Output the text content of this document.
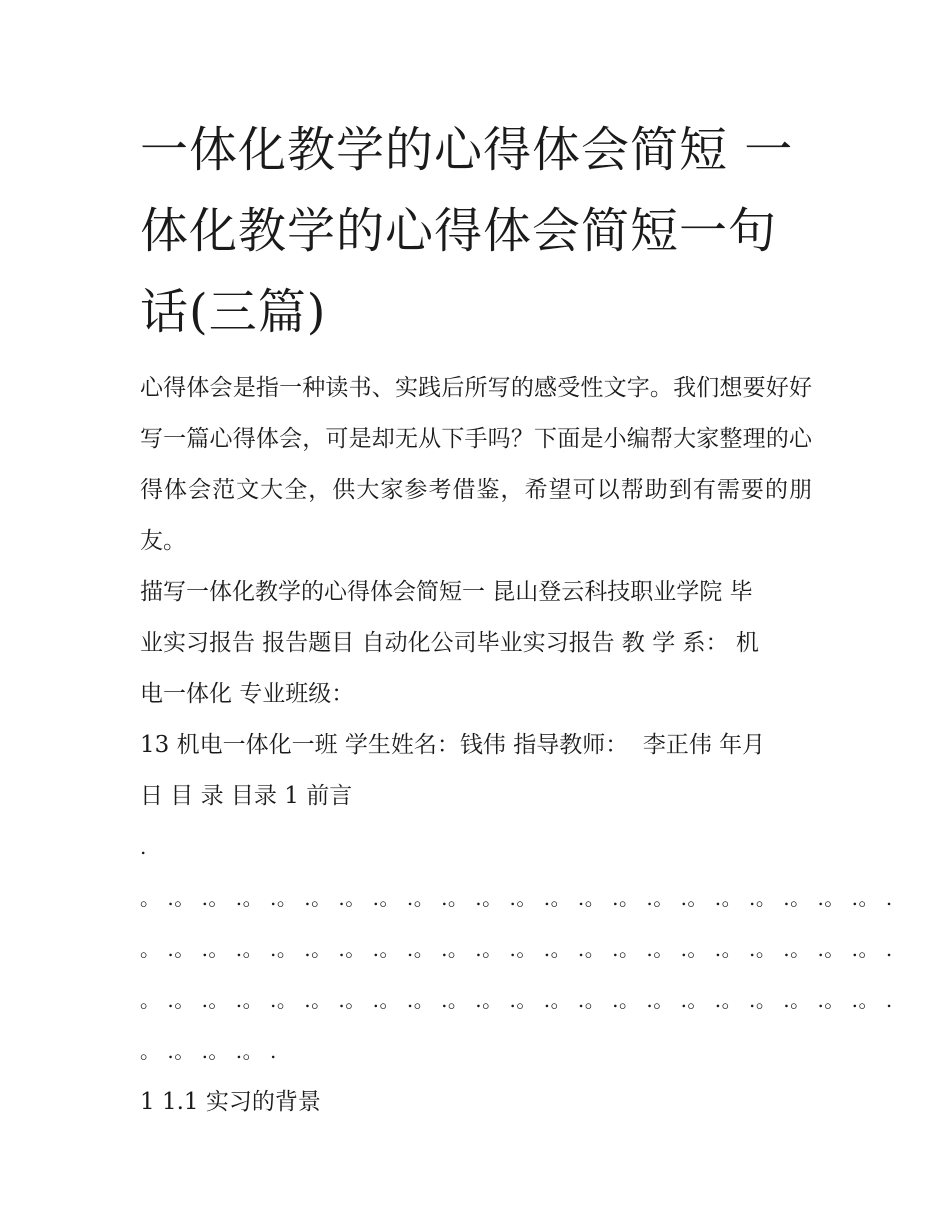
一体化教学的心得体会简短 一体化教学的心得体会简短一句话(三篇)

心得体会是指一种读书、实践后所写的感受性文字。我们想要好好写一篇心得体会，可是却无从下手吗？下面是小编帮大家整理的心得体会范文大全，供大家参考借鉴，希望可以帮助到有需要的朋友。

描写一体化教学的心得体会简短一 昆山登云科技职业学院 毕

业实习报告 报告题目 自动化公司毕业实习报告 教 学 系： 机

电一体化 专业班级：

13 机电一体化一班 学生姓名：钱伟 指导教师：  李正伟 年月

日 目 录 目录 1 前言

.

。 .。 .。 .。 .。 .。 .。 .。 .。 .。 .。 .。 .。 .。 .。 .。 .。 .。 .。 .。 .。 .。 .

。 .。 .。 .。 .。 .。 .。 .。 .。 .。 .。 .。 .。 .。 .。 .。 .。 .。 .。 .。 .。 .。 .

。 .。 .。 .。 .。 .。 .。 .。 .。 .。 .。 .。 .。 .。 .。 .。 .。 .。 .。 .。 .。 .。 .

。 .。 .。 .。 .

1 1.1 实习的背景
